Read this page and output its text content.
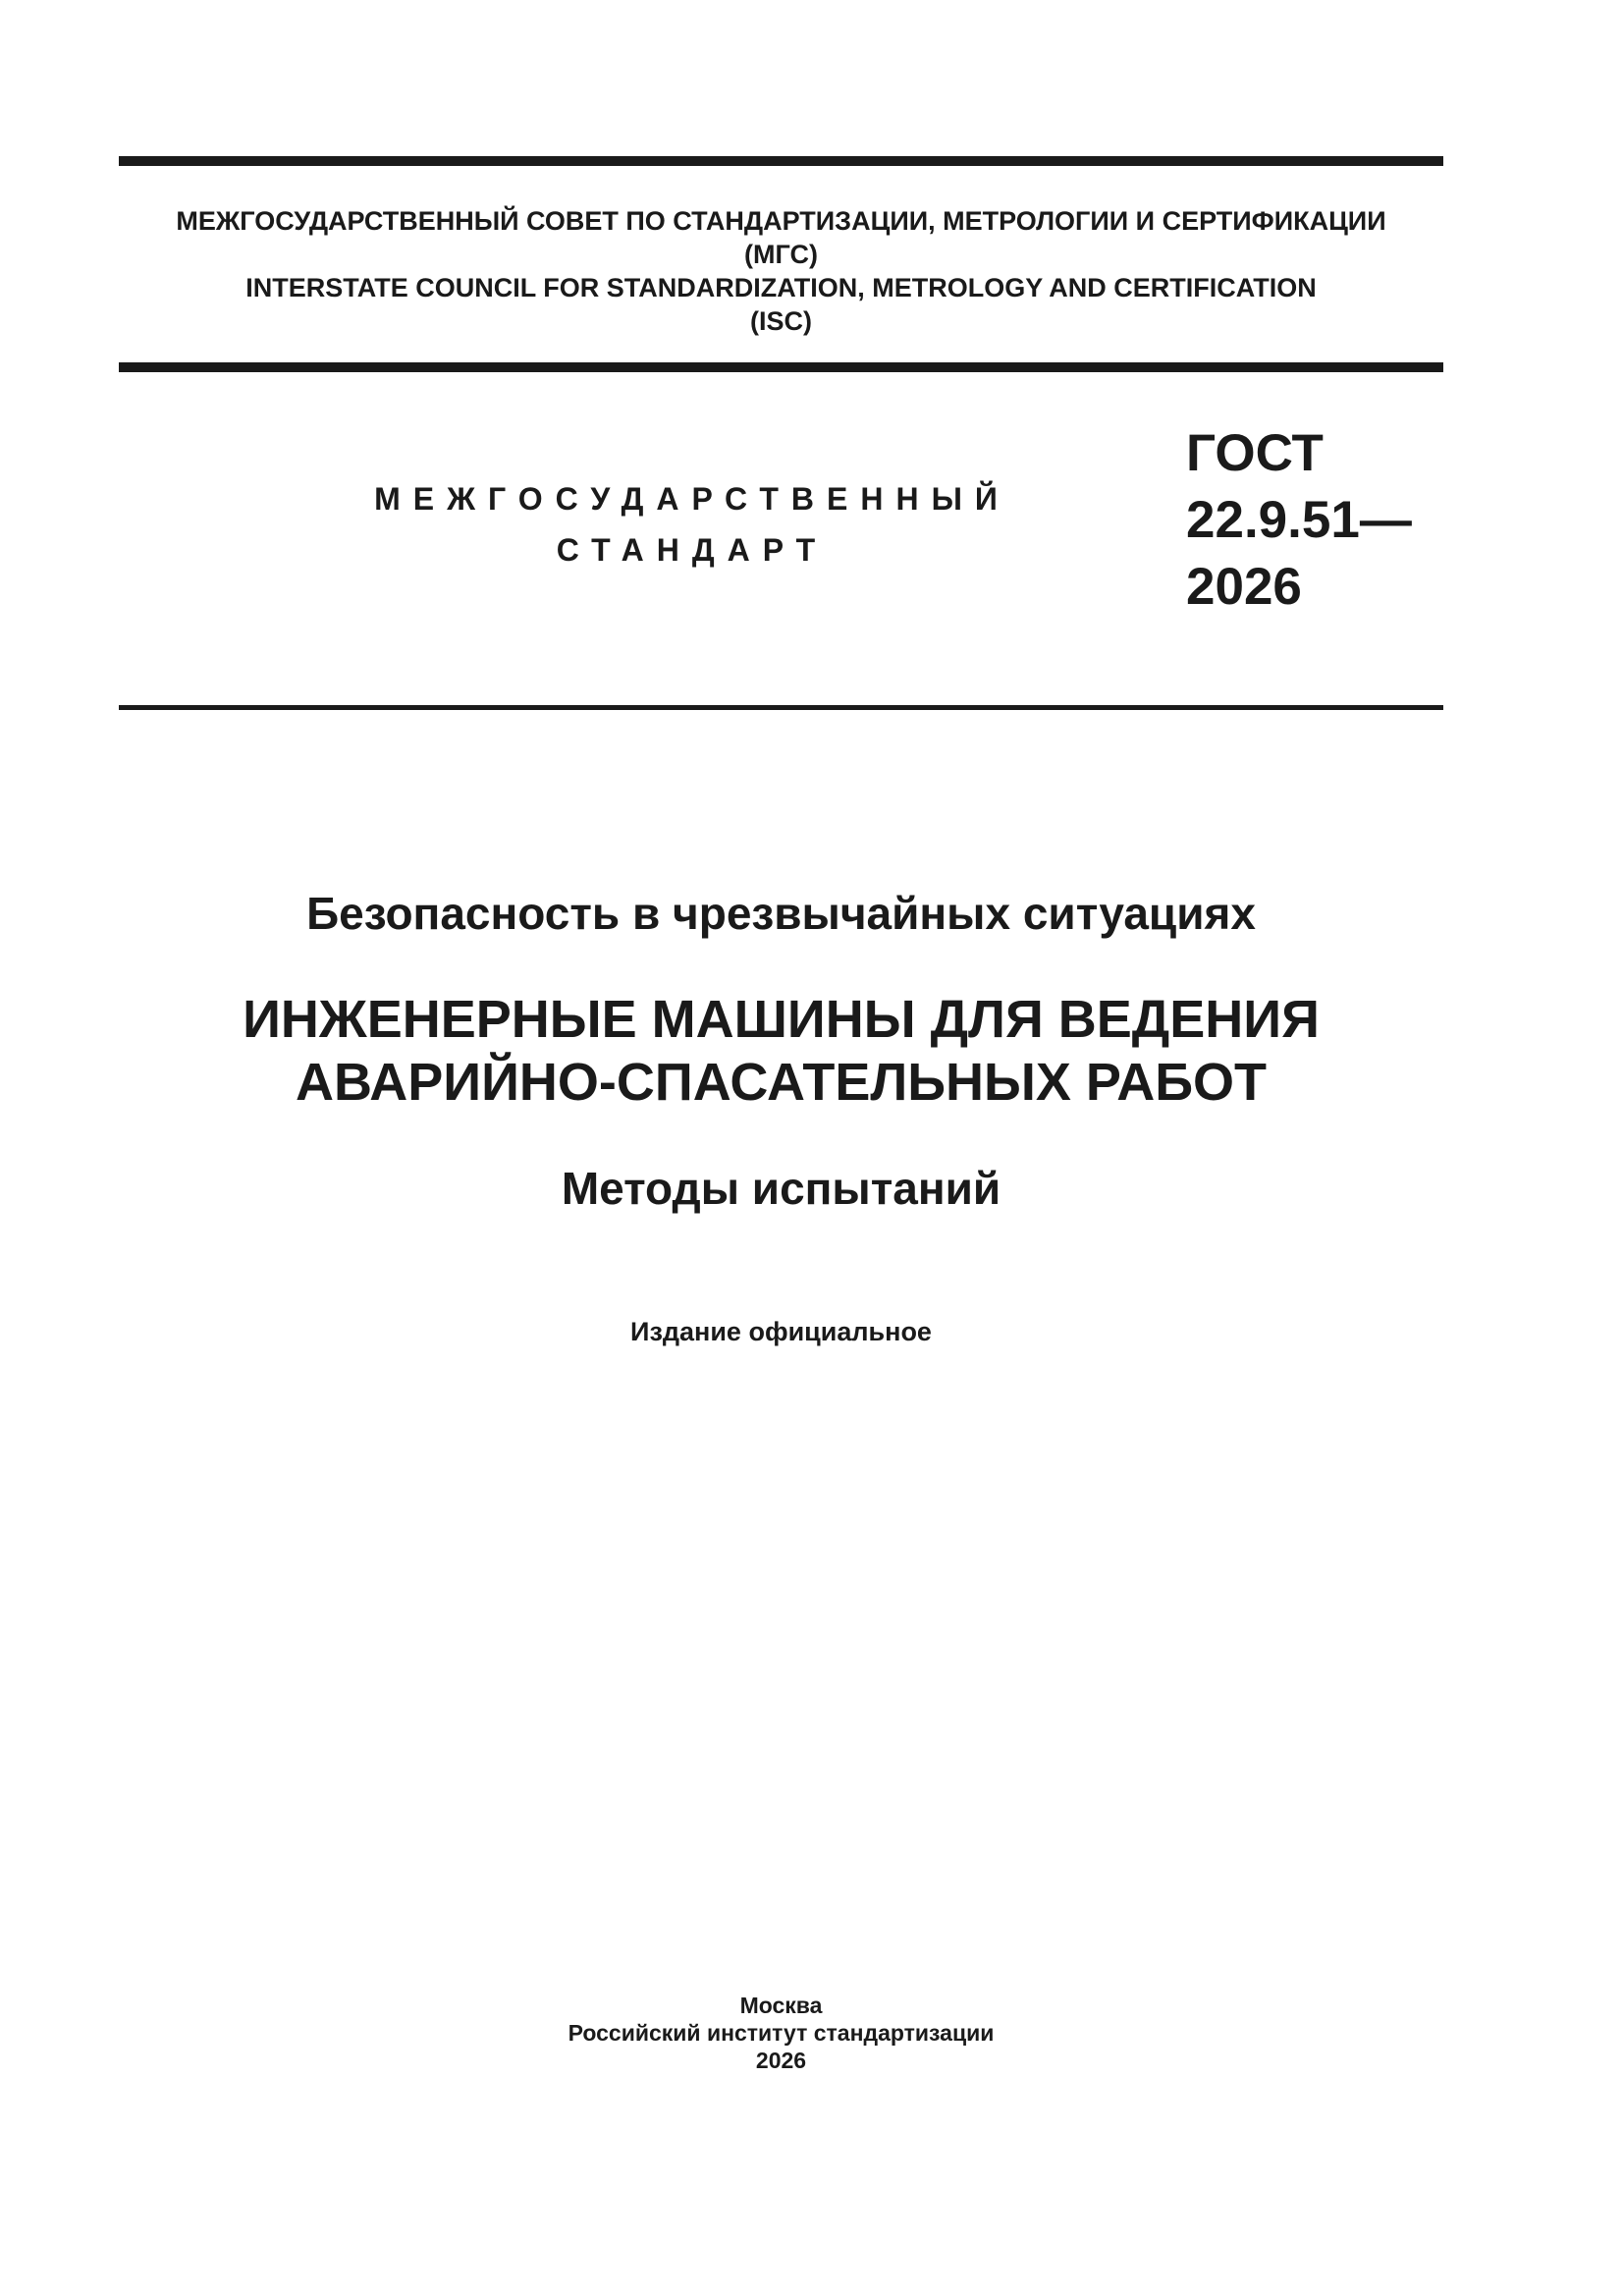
МЕЖГОСУДАРСТВЕННЫЙ СОВЕТ ПО СТАНДАРТИЗАЦИИ, МЕТРОЛОГИИ И СЕРТИФИКАЦИИ
(МГС)
INTERSTATE COUNCIL FOR STANDARDIZATION, METROLOGY AND CERTIFICATION
(ISC)
МЕЖГОСУДАРСТВЕННЫЙ
СТАНДАРТ
ГОСТ
22.9.51—
2026
Безопасность в чрезвычайных ситуациях
ИНЖЕНЕРНЫЕ МАШИНЫ ДЛЯ ВЕДЕНИЯ
АВАРИЙНО-СПАСАТЕЛЬНЫХ РАБОТ
Методы испытаний
Издание официальное
Москва
Российский институт стандартизации
2026
